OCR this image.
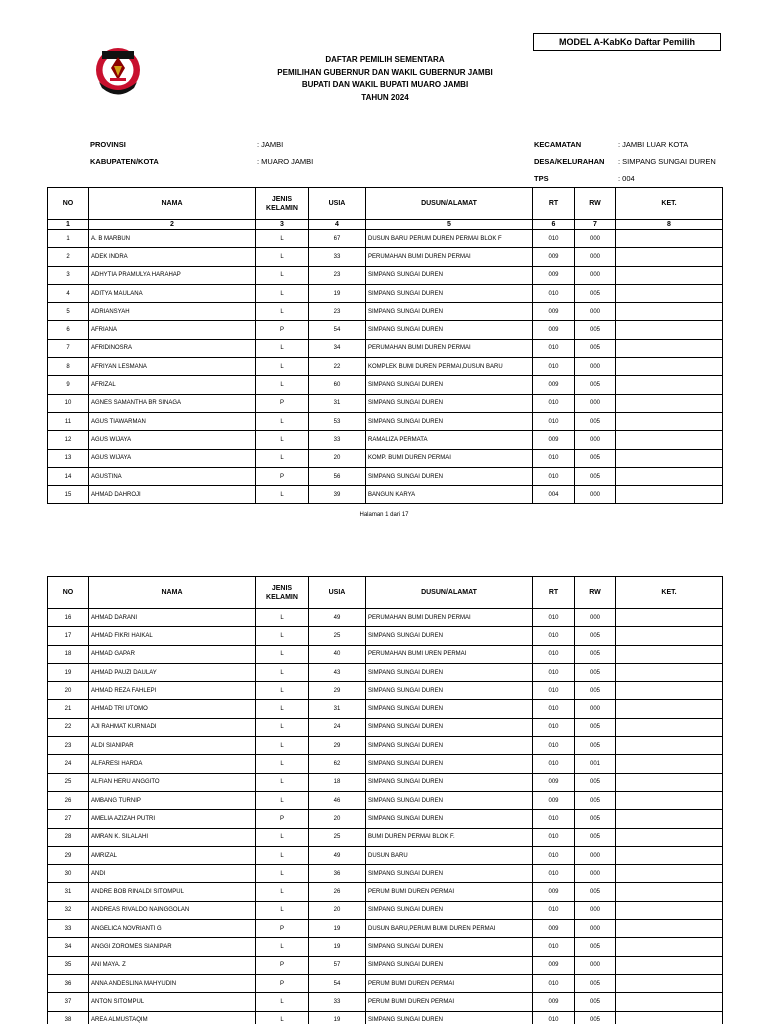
MODEL A-KabKo Daftar Pemilih
DAFTAR PEMILIH SEMENTARA
PEMILIHAN GUBERNUR DAN WAKIL GUBERNUR JAMBI
BUPATI DAN WAKIL BUPATI MUARO JAMBI
TAHUN 2024
PROVINSI	: JAMBI
KABUPATEN/KOTA	: MUARO JAMBI
KECAMATAN	: JAMBI LUAR KOTA
DESA/KELURAHAN : SIMPANG SUNGAI DUREN
TPS	: 004
NO	NAMA	JENIS KELAMIN	USIA	DUSUN/ALAMAT	RT	RW	KET.
1	2	3	4	5	6	7	8
1	A. B MARBUN	L	67	DUSUN BARU PERUM DUREN PERMAI BLOK F	010	000	
2	ADEK INDRA	L	33	PERUMAHAN BUMI DUREN PERMAI	009	000	
3	ADHYTIA PRAMULYA HARAHAP	L	23	SIMPANG SUNGAI DUREN	009	000	
4	ADITYA MAULANA	L	19	SIMPANG SUNGAI DUREN	010	005	
5	ADRIANSYAH	L	23	SIMPANG SUNGAI DUREN	009	000	
6	AFRIANA	P	54	SIMPANG SUNGAI DUREN	009	005	
7	AFRIDINOSRA	L	34	PERUMAHAN BUMI DUREN PERMAI	010	005	
8	AFRIYAN LESMANA	L	22	KOMPLEK BUMI DUREN PERMAI,DUSUN BARU	010	000	
9	AFRIZAL	L	60	SIMPANG SUNGAI DUREN	009	005	
10	AGNES SAMANTHA BR SINAGA	P	31	SIMPANG SUNGAI DUREN	010	000	
11	AGUS TIAWARMAN	L	53	SIMPANG SUNGAI DUREN	010	005	
12	AGUS WIJAYA	L	33	RAMALIZA PERMATA	009	000	
13	AGUS WIJAYA	L	20	KOMP. BUMI DUREN PERMAI	010	005	
14	AGUSTINA	P	56	SIMPANG SUNGAI DUREN	010	005	
15	AHMAD DAHROJI	L	39	BANGUN KARYA	004	000	
Halaman 1 dari 17
NO	NAMA	JENIS KELAMIN	USIA	DUSUN/ALAMAT	RT	RW	KET.
16	AHMAD DARANI	L	49	PERUMAHAN BUMI DUREN PERMAI	010	000	
17	AHMAD FIKRI HAIKAL	L	25	SIMPANG SUNGAI DUREN	010	005	
18	AHMAD GAPAR	L	40	PERUMAHAN BUMI UREN PERMAI	010	005	
19	AHMAD PAUZI DAULAY	L	43	SIMPANG SUNGAI DUREN	010	005	
20	AHMAD REZA FAHLEPI	L	29	SIMPANG SUNGAI DUREN	010	005	
21	AHMAD TRI UTOMO	L	31	SIMPANG SUNGAI DUREN	010	000	
22	AJI RAHMAT KURNIADI	L	24	SIMPANG SUNGAI DUREN	010	005	
23	ALDI SIANIPAR	L	29	SIMPANG SUNGAI DUREN	010	005	
24	ALFARESI HARDA	L	62	SIMPANG SUNGAI DUREN	010	001	
25	ALFIAN HERU ANGGITO	L	18	SIMPANG SUNGAI DUREN	009	005	
26	AMBANG TURNIP	L	46	SIMPANG SUNGAI DUREN	009	005	
27	AMELIA AZIZAH PUTRI	P	20	SIMPANG SUNGAI DUREN	010	005	
28	AMRAN K. SILALAHI	L	25	BUMI DUREN PERMAI BLOK F.	010	005	
29	AMRIZAL	L	49	DUSUN BARU	010	000	
30	ANDI	L	36	SIMPANG SUNGAI DUREN	010	000	
31	ANDRE BOB RINALDI SITOMPUL	L	26	PERUM BUMI DUREN PERMAI	009	005	
32	ANDREAS RIVALDO NAINGGOLAN	L	20	SIMPANG SUNGAI DUREN	010	000	
33	ANGELICA NOVRIANTI G	P	19	DUSUN BARU,PERUM BUMI DUREN PERMAI	009	000	
34	ANGGI ZOROMES SIANIPAR	L	19	SIMPANG SUNGAI DUREN	010	005	
35	ANI MAYA. Z	P	57	SIMPANG SUNGAI DUREN	009	000	
36	ANNA ANDESLINA MAHYUDIN	P	54	PERUM BUMI DUREN PERMAI	010	005	
37	ANTON SITOMPUL	L	33	PERUM BUMI DUREN PERMAI	009	005	
38	AREA ALMUSTAQIM	L	19	SIMPANG SUNGAI DUREN	010	005	
